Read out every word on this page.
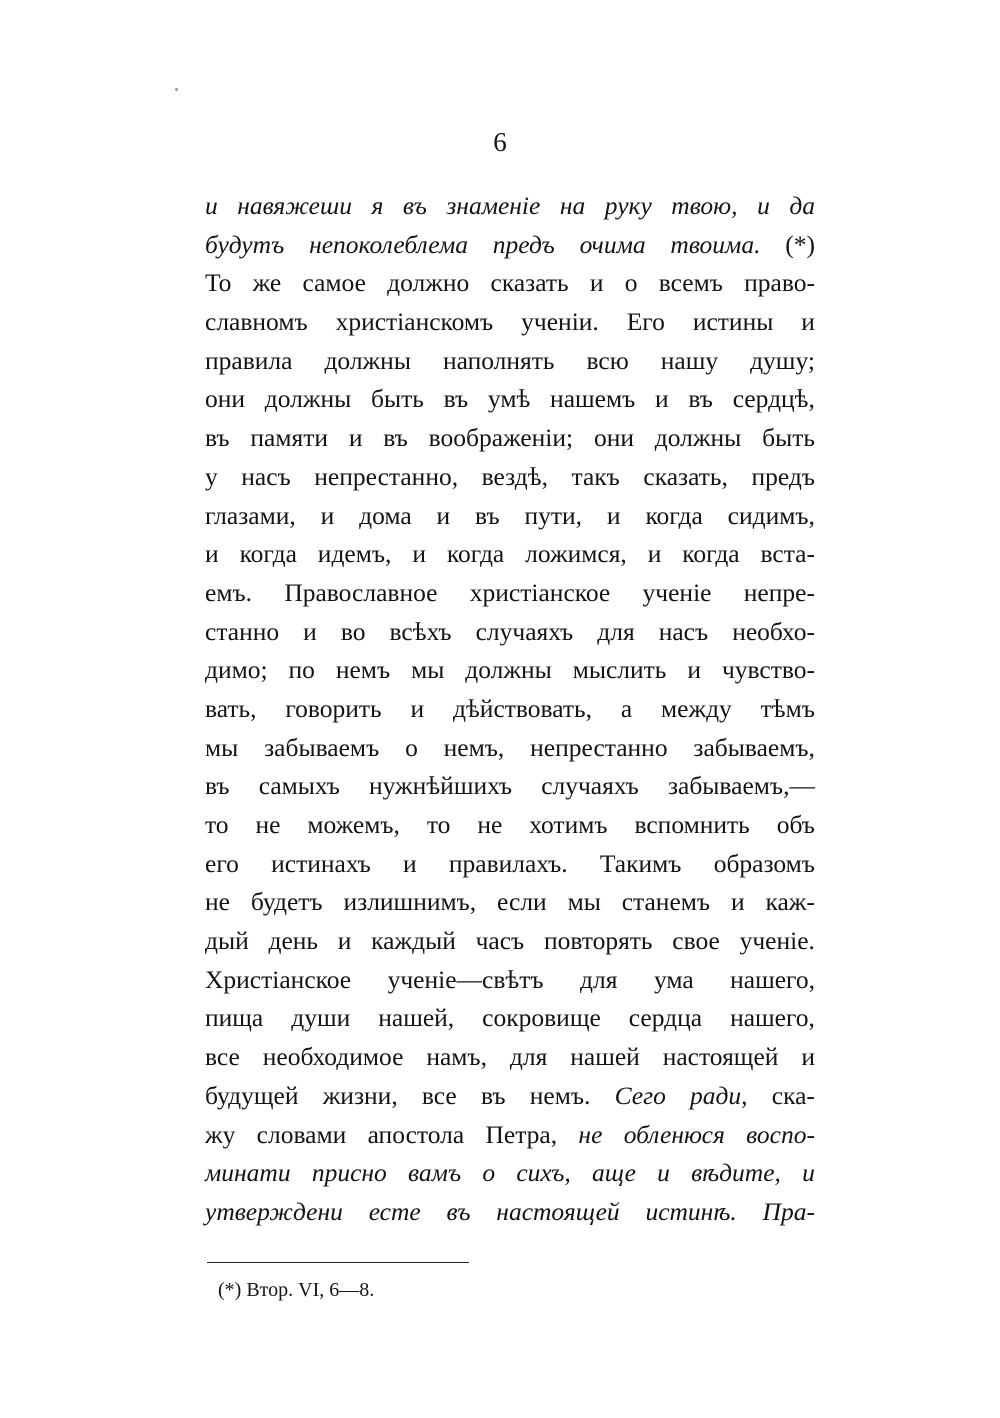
6
и навяжеши я въ знаменіе на руку твою, и да
будутъ непоколеблема предъ очима твоима. (*)
То же самое должно сказать и о всемъ право-
славномъ христіанскомъ ученіи. Его истины и
правила должны наполнять всю нашу душу;
они должны быть въ умѣ нашемъ и въ сердцѣ,
въ памяти и въ воображеніи; они должны быть
у насъ непрестанно, вездѣ, такъ сказать, предъ
глазами, и дома и въ пути, и когда сидимъ,
и когда идемъ, и когда ложимся, и когда вста-
емъ. Православное христіанское ученіе непре-
станно и во всѣхъ случаяхъ для насъ необхо-
димо; по немъ мы должны мыслить и чувство-
вать, говорить и дѣйствовать, а между тѣмъ
мы забываемъ о немъ, непрестанно забываемъ,
въ самыхъ нужнѣйшихъ случаяхъ забываемъ,—
то не можемъ, то не хотимъ вспомнить объ
его истинахъ и правилахъ. Такимъ образомъ
не будетъ излишнимъ, если мы станемъ и каж-
дый день и каждый часъ повторять свое ученіе.
Христіанское ученіе—свѣтъ для ума нашего,
пища души нашей, сокровище сердца нашего,
все необходимое намъ, для нашей настоящей и
будущей жизни, все въ немъ. Сего ради, ска-
жу словами апостола Петра, не обленюся воспо-
минати присно вамъ о сихъ, аще и вѣдите, и
утверждени есте въ настоящей истинѣ. Пра-
(*) Втор. VI, 6—8.
